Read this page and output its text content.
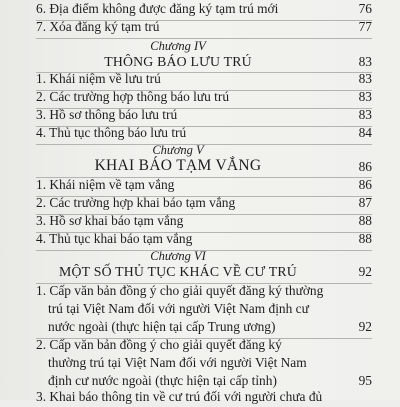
6. Địa điểm không được đăng ký tạm trú mới	76
7. Xóa đăng ký tạm trú	77
Chương IV
THÔNG BÁO LƯU TRÚ	83
1. Khái niệm về lưu trú	83
2. Các trường hợp thông báo lưu trú	83
3. Hồ sơ thông báo lưu trú	83
4. Thủ tục thông báo lưu trú	84
Chương V
KHAI BÁO TẠM VẮNG	86
1. Khái niệm về tạm vắng	86
2. Các trường hợp khai báo tạm vắng	87
3. Hồ sơ khai báo tạm vắng	88
4. Thủ tục khai báo tạm vắng	88
Chương VI
MỘT SỐ THỦ TỤC KHÁC VỀ CƯ TRÚ	92
1. Cấp văn bản đồng ý cho giải quyết đăng ký thường
trú tại Việt Nam đối với người Việt Nam định cư
nước ngoài (thực hiện tại cấp Trung ương)	92
2. Cấp văn bản đồng ý cho giải quyết đăng ký
thường trú tại Việt Nam đối với người Việt Nam
định cư nước ngoài (thực hiện tại cấp tỉnh)	95
3. Khai báo thông tin về cư trú đối với người chưa đủ
